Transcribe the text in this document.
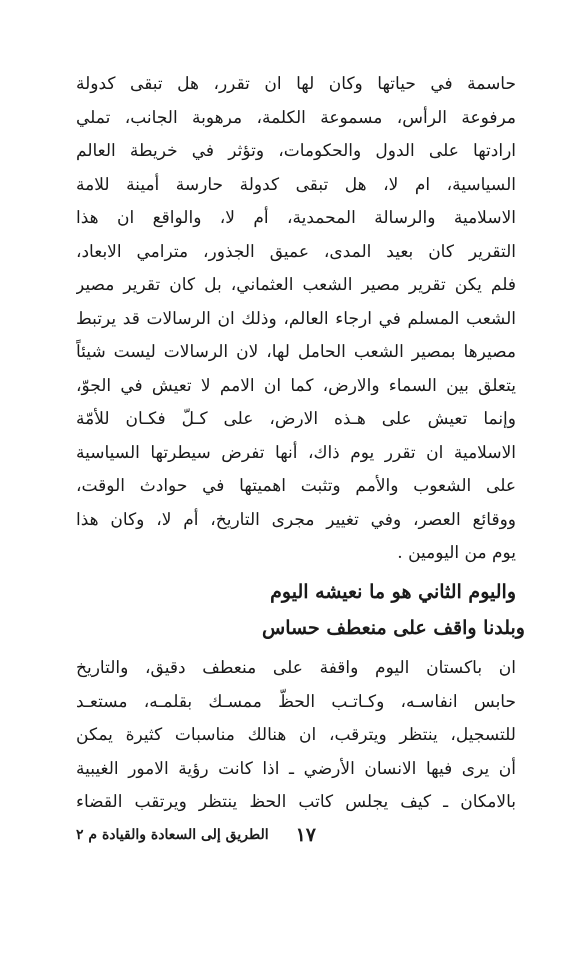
حاسمة في حياتها وكان لها ان تقرر، هل تبقى كدولة
مرفوعة الرأس، مسموعة الكلمة، مرهوبة الجانب، تملي
ارادتها على الدول والحكومات، وتؤثر في خريطة العالم
السياسية، ام لا، هل تبقى كدولة حارسة أمينة للامة
الاسلامية والرسالة المحمدية، أم لا، والواقع ان هذا
التقرير كان بعيد المدى، عميق الجذور، مترامي الابعاد،
فلم يكن تقرير مصير الشعب العثماني، بل كان تقرير مصير
الشعب المسلم في ارجاء العالم، وذلك ان الرسالات قد يرتبط
مصيرها بمصير الشعب الحامل لها، لان الرسالات ليست شيئاً
يتعلق بين السماء والارض، كما ان الامم لا تعيش في الجوّ،
وإنما تعيش على هـذه الارض، على كـلّ فكـان للأمّة
الاسلامية ان تقرر يوم ذاك، أنها تفرض سيطرتها السياسية
على الشعوب والأمم وتثبت اهميتها في حوادث الوقت،
ووقائع العصر، وفي تغيير مجرى التاريخ، أم لا، وكان هذا
يوم من اليومين .
واليوم الثاني هو ما نعيشه اليوم
وبلدنا واقف على منعطف حساس
ان باكستان اليوم واقفة على منعطف دقيق، والتاريخ
حابس انفاسـه، وكـاتـب الحظّ ممسـك بقلمـه، مستعـد
للتسجيل، ينتظر ويترقب، ان هنالك مناسبات كثيرة يمكن
أن يرى فيها الانسان الأرضي ـ اذا كانت رؤية الامور الغيبية
بالامكان ـ كيف يجلس كاتب الحظ ينتظر ويرتقب القضاء
١٧
الطريق إلى السعادة والقيادة م ٢
